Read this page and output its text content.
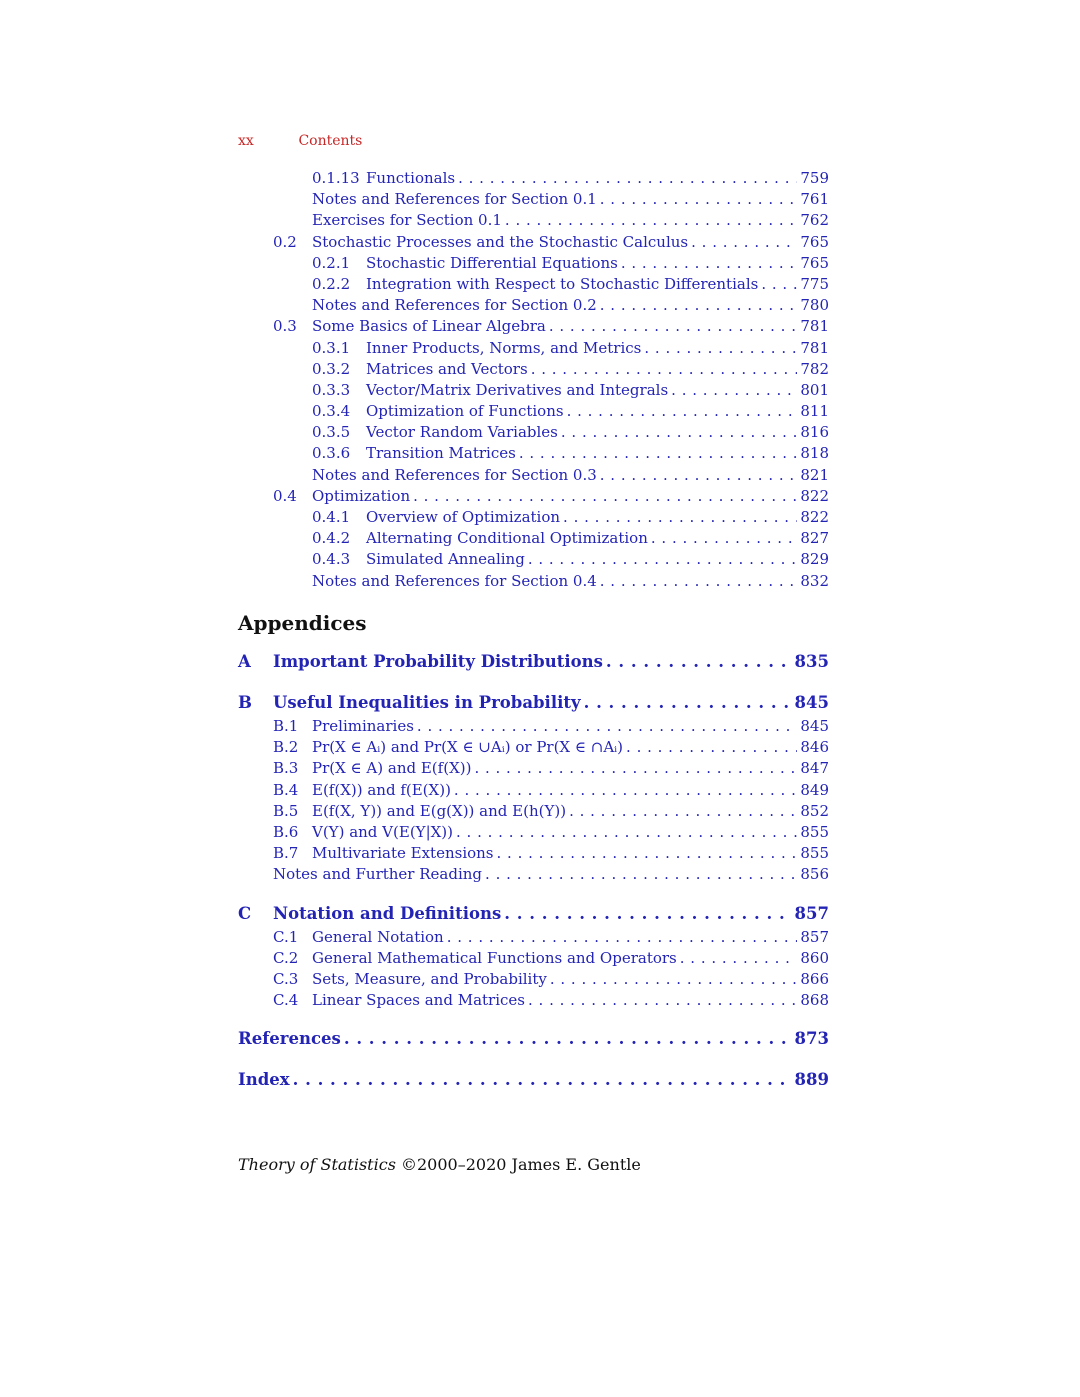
xx	Contents
0.1.13 Functionals . . .	759
Notes and References for Section 0.1 . . .	761
Exercises for Section 0.1 . . .	762
0.2	Stochastic Processes and the Stochastic Calculus . . .	765
0.2.1	Stochastic Differential Equations . . .	765
0.2.2	Integration with Respect to Stochastic Differentials . . .	775
Notes and References for Section 0.2 . . .	780
0.3	Some Basics of Linear Algebra . . .	781
0.3.1	Inner Products, Norms, and Metrics . . .	781
0.3.2	Matrices and Vectors . . .	782
0.3.3	Vector/Matrix Derivatives and Integrals . . .	801
0.3.4	Optimization of Functions . . .	811
0.3.5	Vector Random Variables . . .	816
0.3.6	Transition Matrices . . .	818
Notes and References for Section 0.3 . . .	821
0.4	Optimization . . .	822
0.4.1	Overview of Optimization . . .	822
0.4.2	Alternating Conditional Optimization . . .	827
0.4.3	Simulated Annealing . . .	829
Notes and References for Section 0.4 . . .	832
Appendices
A	Important Probability Distributions . . .	835
B	Useful Inequalities in Probability . . .	845
B.1 Preliminaries . . .	845
B.2 Pr(X ∈ Aᵢ) and Pr(X ∈ ∪Aᵢ) or Pr(X ∈ ∩Aᵢ) . . .	846
B.3 Pr(X ∈ A) and E(f(X)) . . .	847
B.4 E(f(X)) and f(E(X)) . . .	849
B.5 E(f(X, Y)) and E(g(X)) and E(h(Y)) . . .	852
B.6 V(Y) and V(E(Y|X)) . . .	855
B.7 Multivariate Extensions . . .	855
Notes and Further Reading . . .	856
C	Notation and Definitions . . .	857
C.1 General Notation . . .	857
C.2 General Mathematical Functions and Operators . . .	860
C.3 Sets, Measure, and Probability . . .	866
C.4 Linear Spaces and Matrices . . .	868
References . . .	873
Index . . .	889
Theory of Statistics ©2000–2020 James E. Gentle
